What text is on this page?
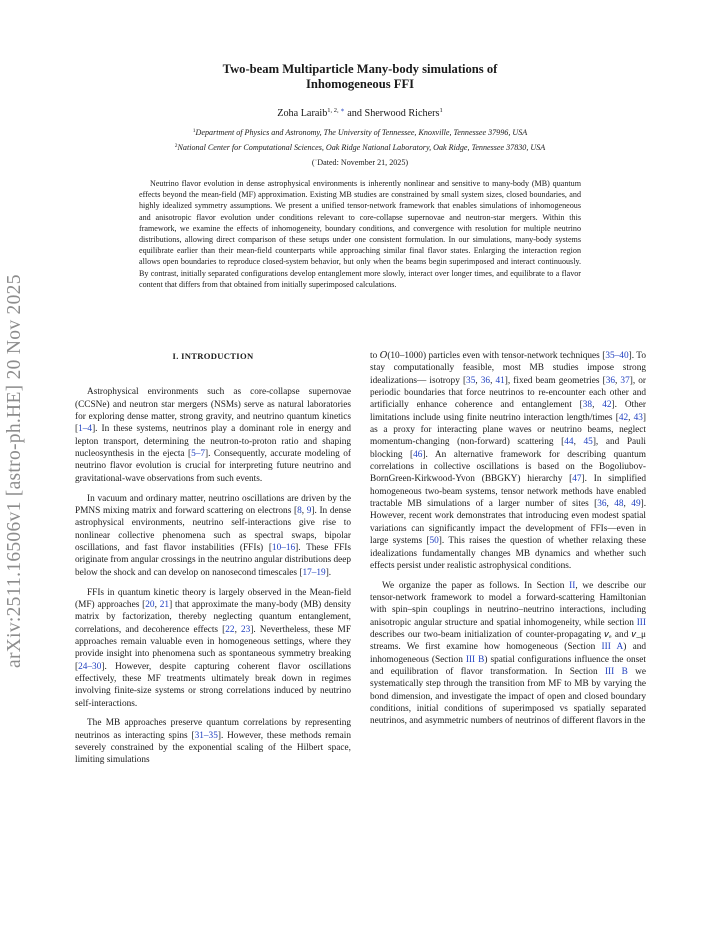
arXiv:2511.16506v1 [astro-ph.HE] 20 Nov 2025
Two-beam Multiparticle Many-body simulations of
Inhomogeneous FFI
Zoha Laraib$^{1, 2, ∗}$ and Sherwood Richers$^1$
$^1$Department of Physics and Astronomy, The University of Tennessee, Knoxville, Tennessee 37996, USA
$^2$National Center for Computational Sciences, Oak Ridge National Laboratory, Oak Ridge, Tennessee 37830, USA
(˙Dated: November 21, 2025)
Neutrino flavor evolution in dense astrophysical environments is inherently nonlinear and sensitive to many-body (MB) quantum effects beyond the mean-field (MF) approximation. Existing MB studies are constrained by small system sizes, closed boundaries, and highly idealized symmetry assumptions. We present a unified tensor-network framework that enables simulations of inhomogeneous and anisotropic flavor evolution under conditions relevant to core-collapse supernovae and neutron-star mergers. Within this framework, we examine the effects of inhomogeneity, boundary conditions, and convergence with resolution for multiple neutrino distributions, allowing direct comparison of these setups under one consistent formulation. In our simulations, many-body systems equilibrate earlier than their mean-field counterparts while approaching similar final flavor states. Enlarging the interaction region allows open boundaries to reproduce closed-system behavior, but only when the beams begin superimposed and interact continuously. By contrast, initially separated configurations develop entanglement more slowly, interact over longer times, and equilibrate to a flavor content that differs from that obtained from initially superimposed calculations.
I. INTRODUCTION

Astrophysical environments such as core-collapse supernovae (CCSNe) and neutron star mergers (NSMs) serve as natural laboratories for exploring dense matter, strong gravity, and neutrino quantum kinetics [1–4]. In these systems, neutrinos play a dominant role in energy and lepton transport, determining the neutron-to-proton ratio and shaping nucleosynthesis in the ejecta [5–7]. Consequently, accurate modeling of neutrino flavor evolution is crucial for interpreting future neutrino and gravitational-wave observations from such events.

In vacuum and ordinary matter, neutrino oscillations are driven by the PMNS mixing matrix and forward scattering on electrons [8, 9]. In dense astrophysical environments, neutrino self-interactions give rise to nonlinear collective phenomena such as spectral swaps, bipolar oscillations, and fast flavor instabilities (FFIs) [10–16]. These FFIs originate from angular crossings in the neutrino angular distributions deep below the shock and can develop on nanosecond timescales [17–19].

FFIs in quantum kinetic theory is largely observed in the Mean-field (MF) approaches [20, 21] that approximate the many-body (MB) density matrix by factorization, thereby neglecting quantum entanglement, correlations, and decoherence effects [22, 23]. Nevertheless, these MF approaches remain valuable even in homogeneous settings, where they provide insight into phenomena such as spontaneous symmetry breaking [24–30]. However, despite capturing coherent flavor oscillations effectively, these MF treatments ultimately break down in regimes involving finite-size systems or strong correlations induced by neutrino self-interactions.

The MB approaches preserve quantum correlations by representing neutrinos as interacting spins [31–35]. However, these methods remain severely constrained by the exponential scaling of the Hilbert space, limiting simulations

to 𝑂(10–1000) particles even with tensor-network techniques [35–40]. To stay computationally feasible, most MB studies impose strong idealizations— isotropy [35, 36, 41], fixed beam geometries [36, 37], or periodic boundaries that force neutrinos to re-encounter each other and artificially enhance coherence and entanglement [38, 42]. Other limitations include using finite neutrino interaction length/times [42, 43] as a proxy for interacting plane waves or neutrino beams, neglect momentum-changing (non-forward) scattering [44, 45], and Pauli blocking [46]. An alternative framework for describing quantum correlations in collective oscillations is based on the Bogoliubov-BornGreen-Kirkwood-Yvon (BBGKY) hierarchy [47]. In simplified homogeneous two-beam systems, tensor network methods have enabled tractable MB simulations of a larger number of sites [36, 48, 49]. However, recent work demonstrates that introducing even modest spatial variations can significantly impact the development of FFIs—even in large systems [50]. This raises the question of whether relaxing these idealizations fundamentally changes MB dynamics and whether such effects persist under realistic astrophysical conditions.

We organize the paper as follows. In Section II, we describe our tensor-network framework to model a forward-scattering Hamiltonian with spin–spin couplings in neutrino–neutrino interactions, including anisotropic angular structure and spatial inhomogeneity, while section III describes our two-beam initialization of counter-propagating 𝜈ₑ and 𝜈_μ streams. We first examine how homogeneous (Section III A) and inhomogeneous (Section III B) spatial configurations influence the onset and equilibration of flavor transformation. In Section III B we systematically step through the transition from MF to MB by varying the bond dimension, and investigate the impact of open and closed boundary conditions, initial conditions of superimposed vs spatially separated neutrinos, and asymmetric numbers of neutrinos of different flavors in the
